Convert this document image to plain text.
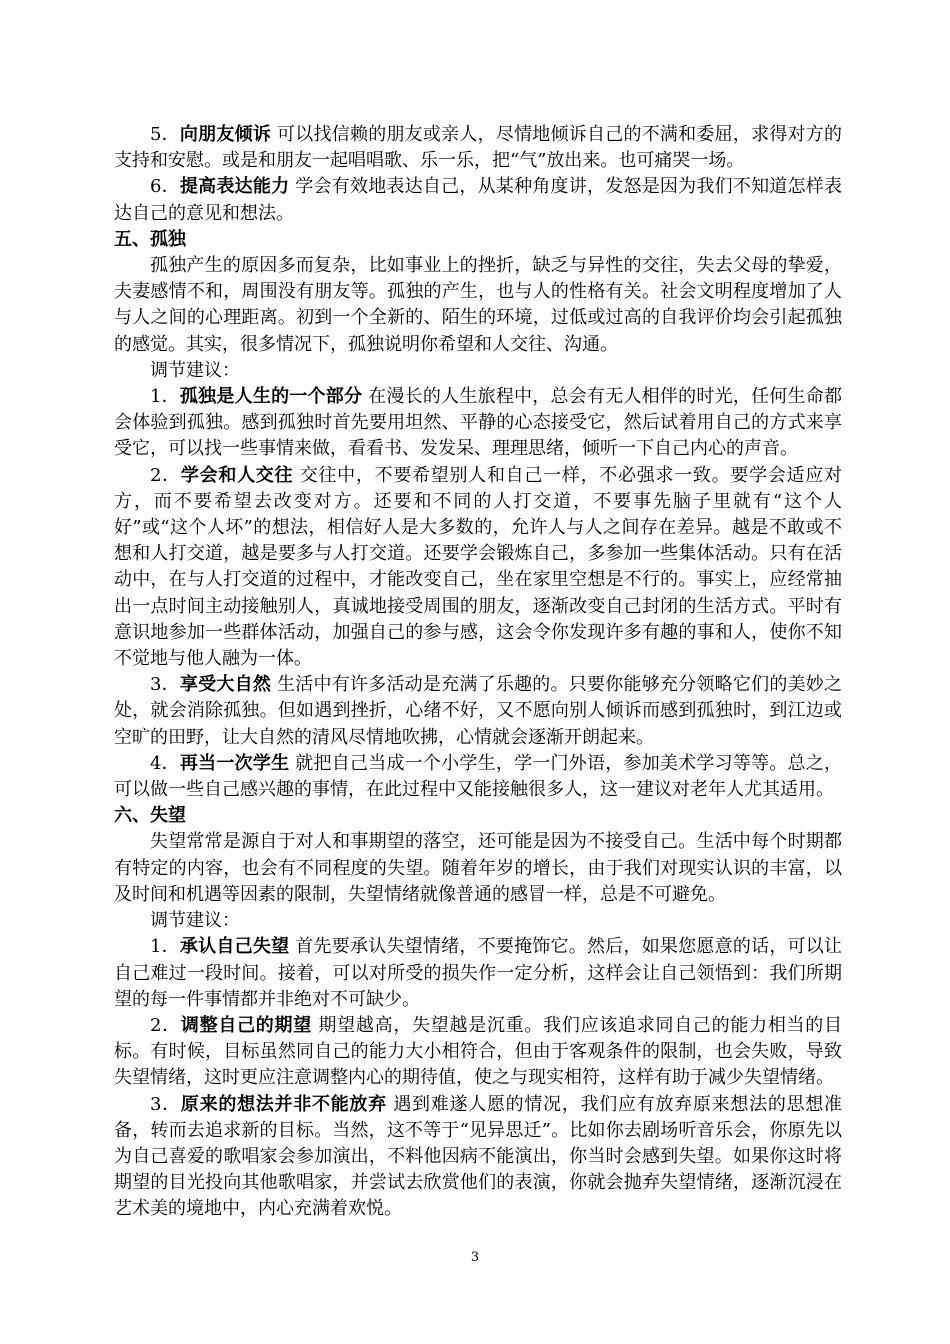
5．向朋友倾诉 可以找信赖的朋友或亲人，尽情地倾诉自己的不满和委屈，求得对方的支持和安慰。或是和朋友一起唱唱歌、乐一乐，把“气”放出来。也可痛哭一场。

6．提高表达能力 学会有效地表达自己，从某种角度讲，发怒是因为我们不知道怎样表达自己的意见和想法。

五、孤独

孤独产生的原因多而复杂，比如事业上的挫折，缺乏与异性的交往，失去父母的挚爱，夫妻感情不和，周围没有朋友等。孤独的产生，也与人的性格有关。社会文明程度增加了人与人之间的心理距离。初到一个全新的、陌生的环境，过低或过高的自我评价均会引起孤独的感觉。其实，很多情况下，孤独说明你希望和人交往、沟通。

调节建议：

1．孤独是人生的一个部分 在漫长的人生旅程中，总会有无人相伴的时光，任何生命都会体验到孤独。感到孤独时首先要用坦然、平静的心态接受它，然后试着用自己的方式来享受它，可以找一些事情来做，看看书、发发呆、理理思绪，倾听一下自己内心的声音。

2．学会和人交往 交往中，不要希望别人和自己一样，不必强求一致。要学会适应对方，而不要希望去改变对方。还要和不同的人打交道，不要事先脑子里就有“这个人好”或“这个人坏”的想法，相信好人是大多数的，允许人与人之间存在差异。越是不敢或不想和人打交道，越是要多与人打交道。还要学会锻炼自己，多参加一些集体活动。只有在活动中，在与人打交道的过程中，才能改变自己，坐在家里空想是不行的。事实上，应经常抽出一点时间主动接触别人，真诚地接受周围的朋友，逐渐改变自己封闭的生活方式。平时有意识地参加一些群体活动，加强自己的参与感，这会令你发现许多有趣的事和人，使你不知不觉地与他人融为一体。

3．享受大自然 生活中有许多活动是充满了乐趣的。只要你能够充分领略它们的美妙之处，就会消除孤独。但如遇到挫折，心绪不好，又不愿向别人倾诉而感到孤独时，到江边或空旷的田野，让大自然的清风尽情地吹拂，心情就会逐渐开朗起来。

4．再当一次学生 就把自己当成一个小学生，学一门外语，参加美术学习等等。总之，可以做一些自己感兴趣的事情，在此过程中又能接触很多人，这一建议对老年人尤其适用。

六、失望

失望常常是源自于对人和事期望的落空，还可能是因为不接受自己。生活中每个时期都有特定的内容，也会有不同程度的失望。随着年岁的增长，由于我们对现实认识的丰富，以及时间和机遇等因素的限制，失望情绪就像普通的感冒一样，总是不可避免。

调节建议：

1．承认自己失望 首先要承认失望情绪，不要掩饰它。然后，如果您愿意的话，可以让自己难过一段时间。接着，可以对所受的损失作一定分析，这样会让自己领悟到：我们所期望的每一件事情都并非绝对不可缺少。

2．调整自己的期望 期望越高，失望越是沉重。我们应该追求同自己的能力相当的目标。有时候，目标虽然同自己的能力大小相符合，但由于客观条件的限制，也会失败，导致失望情绪，这时更应注意调整内心的期待值，使之与现实相符，这样有助于减少失望情绪。

3．原来的想法并非不能放弃 遇到难遂人愿的情况，我们应有放弃原来想法的思想准备，转而去追求新的目标。当然，这不等于“见异思迁”。比如你去剧场听音乐会，你原先以为自己喜爱的歌唱家会参加演出，不料他因病不能演出，你当时会感到失望。如果你这时将期望的目光投向其他歌唱家，并尝试去欣赏他们的表演，你就会抛弃失望情绪，逐渐沉浸在艺术美的境地中，内心充满着欢悦。

3
